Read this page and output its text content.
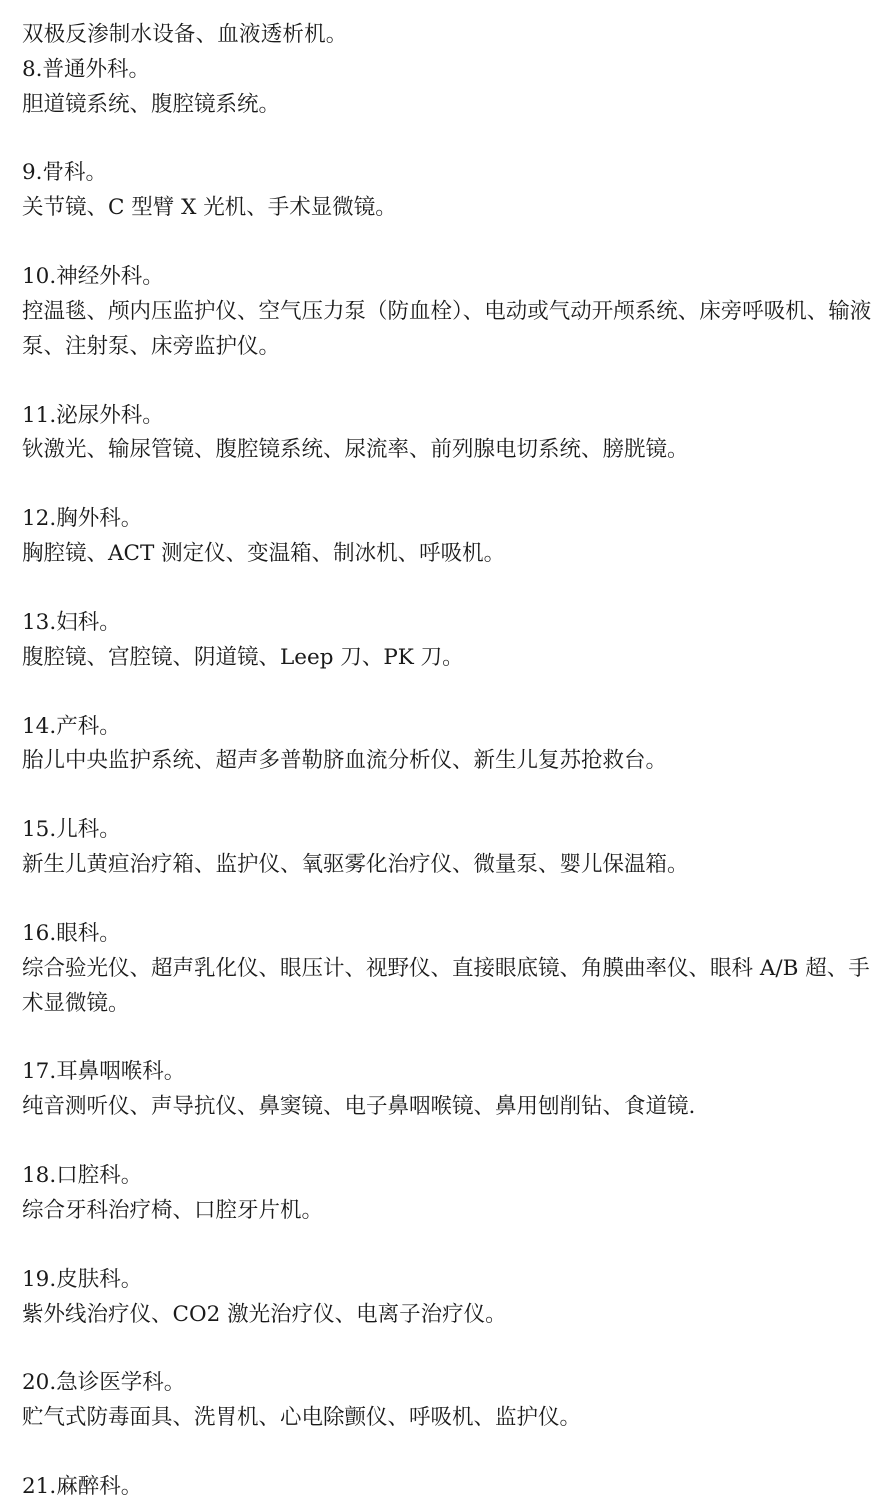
双极反渗制水设备、血液透析机。

8.普通外科。

胆道镜系统、腹腔镜系统。

9.骨科。

关节镜、C 型臂 X 光机、手术显微镜。

10.神经外科。

控温毯、颅内压监护仪、空气压力泵（防血栓）、电动或气动开颅系统、床旁呼吸机、输液泵、注射泵、床旁监护仪。

11.泌尿外科。

钬激光、输尿管镜、腹腔镜系统、尿流率、前列腺电切系统、膀胱镜。

12.胸外科。

胸腔镜、ACT 测定仪、变温箱、制冰机、呼吸机。

13.妇科。

腹腔镜、宫腔镜、阴道镜、Leep 刀、PK 刀。

14.产科。

胎儿中央监护系统、超声多普勒脐血流分析仪、新生儿复苏抢救台。

15.儿科。

新生儿黄疸治疗箱、监护仪、氧驱雾化治疗仪、微量泵、婴儿保温箱。

16.眼科。

综合验光仪、超声乳化仪、眼压计、视野仪、直接眼底镜、角膜曲率仪、眼科 A/B 超、手术显微镜。

17.耳鼻咽喉科。

纯音测听仪、声导抗仪、鼻窦镜、电子鼻咽喉镜、鼻用刨削钻、食道镜.

18.口腔科。

综合牙科治疗椅、口腔牙片机。

19.皮肤科。

紫外线治疗仪、CO2 激光治疗仪、电离子治疗仪。

20.急诊医学科。

贮气式防毒面具、洗胃机、心电除颤仪、呼吸机、监护仪。

21.麻醉科。
